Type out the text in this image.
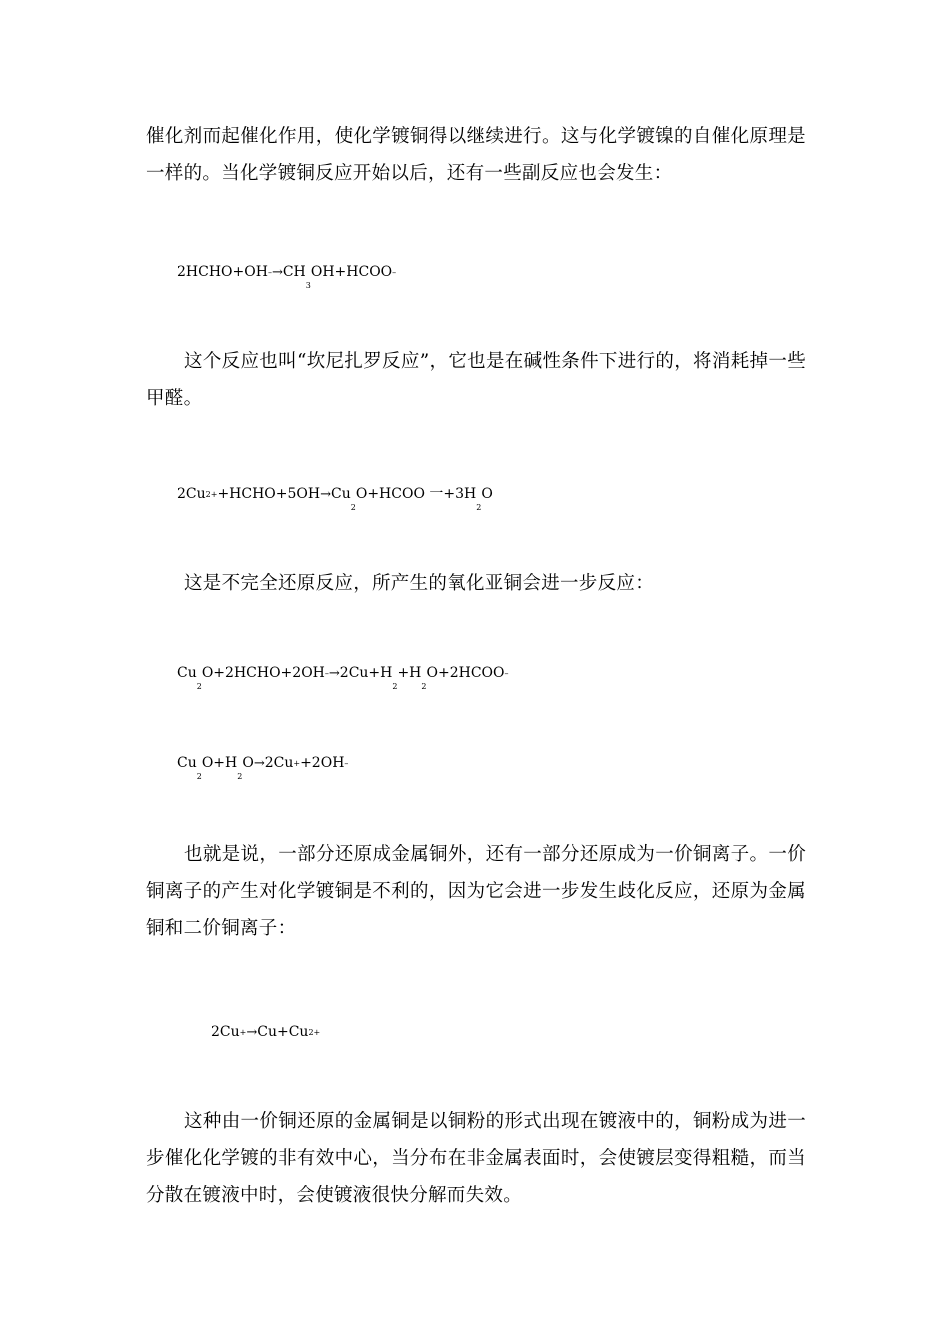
催化剂而起催化作用，使化学镀铜得以继续进行。这与化学镀镍的自催化原理是一样的。当化学镀铜反应开始以后，还有一些副反应也会发生：

$2HCHO+OH-\to CH_3OH+HCOO-$

这个反应也叫“坎尼扎罗反应”，它也是在碱性条件下进行的，将消耗掉一些甲醛。

$2Cu2++HCHO+5OH\to Cu_2O+HCOO$ 一$+3H_2O$

这是不完全还原反应，所产生的氧化亚铜会进一步反应：

$Cu_2O+2HCHO+2OH-\to 2Cu+H_2+H_2O+2HCOO-$
$Cu_2O+H_2O\to 2Cu++2OH-$

也就是说，一部分还原成金属铜外，还有一部分还原成为一价铜离子。一价铜离子的产生对化学镀铜是不利的，因为它会进一步发生歧化反应，还原为金属铜和二价铜离子：

2Cu+→Cu+Cu2+

这种由一价铜还原的金属铜是以铜粉的形式出现在镀液中的，铜粉成为进一步催化化学镀的非有效中心，当分布在非金属表面时，会使镀层变得粗糙，而当分散在镀液中时，会使镀液很快分解而失效。
